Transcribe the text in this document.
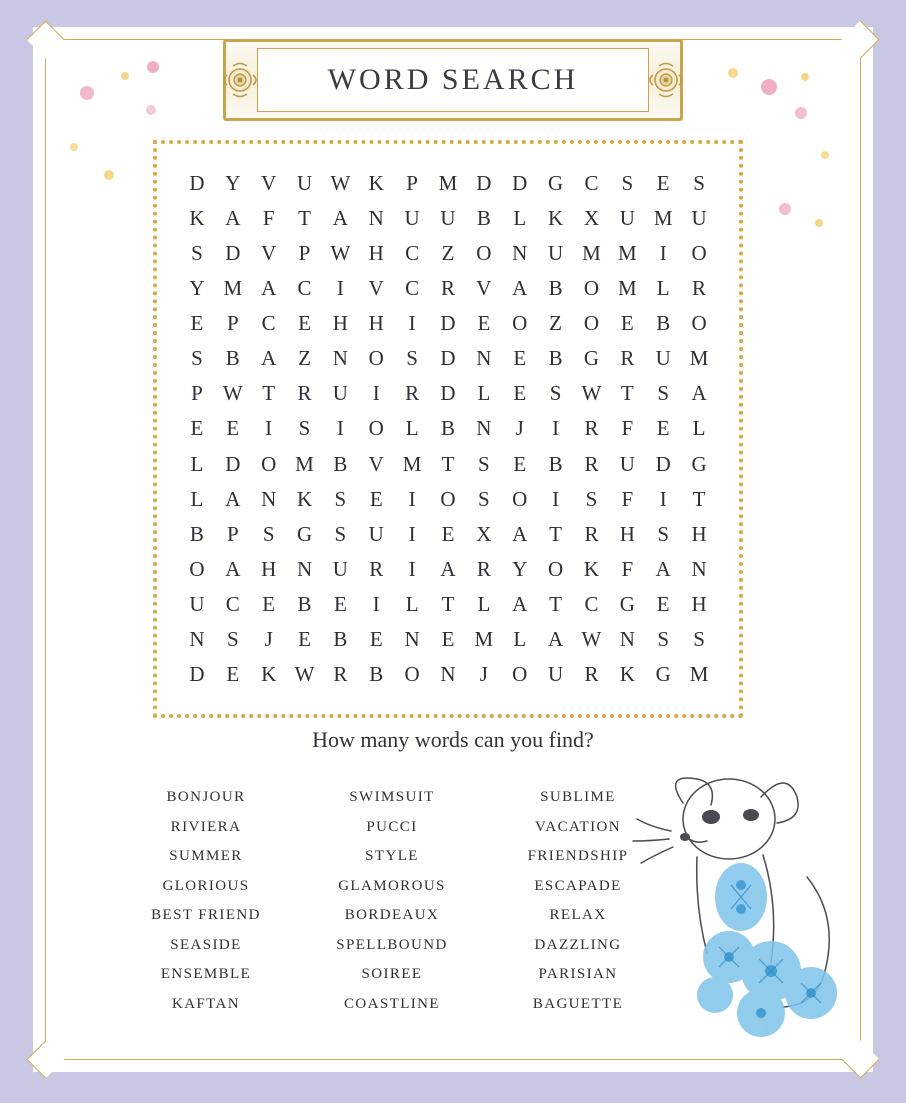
WORD SEARCH
D Y V U W K P M D D G C S E S
K A F T A N U U B L K X U M U
S D V P W H C Z O N U M M I O
Y M A C I V C R V A B O M L R
E P C E H H I D E O Z O E B O
S B A Z N O S D N E B G R U M
P W T R U I R D L E S W T S A
E E I S I O L B N J I R F E L
L D O M B V M T S E B R U D G
L A N K S E I O S O I S F I T
B P S G S U I E X A T R H S H
O A H N U R I A R Y O K F A N
U C E B E I L T L A T C G E H
N S J E B E N E M L A W N S S
D E K W R B O N J O U R K G M
How many words can you find?
BONJOUR
RIVIERA
SUMMER
GLORIOUS
BEST FRIEND
SEASIDE
ENSEMBLE
KAFTAN
SWIMSUIT
PUCCI
STYLE
GLAMOROUS
BORDEAUX
SPELLBOUND
SOIREE
COASTLINE
SUBLIME
VACATION
FRIENDSHIP
ESCAPADE
RELAX
DAZZLING
PARISIAN
BAGUETTE
